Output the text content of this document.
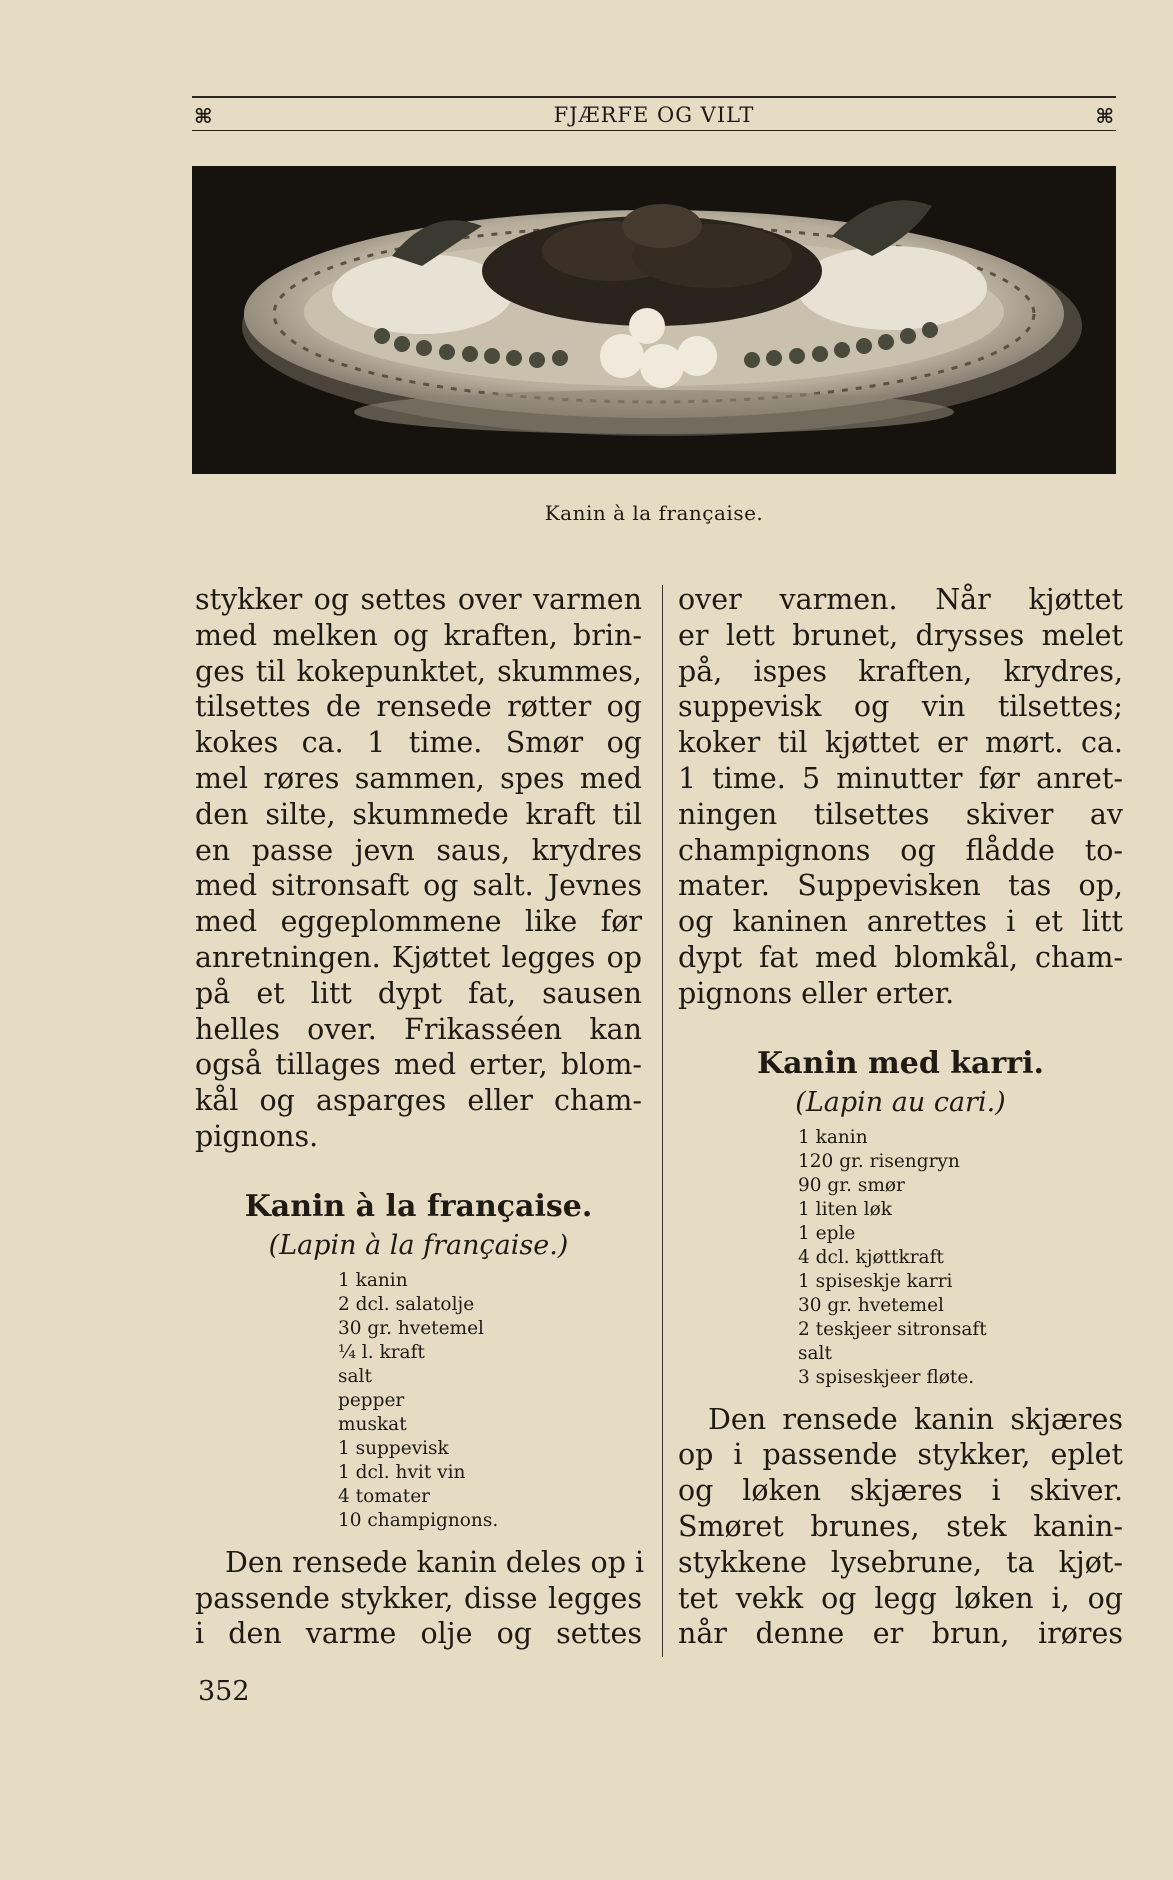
⌘	FJÆRFE OG VILT	⌘
Kanin à la française.
stykker og settes over varmen
med melken og kraften, brin-
ges til kokepunktet, skummes,
tilsettes de rensede røtter og
kokes ca. 1 time. Smør og
mel røres sammen, spes med
den silte, skummede kraft til
en passe jevn saus, krydres
med sitronsaft og salt. Jevnes
med eggeplommene like før
anretningen. Kjøttet legges op
på et litt dypt fat, sausen
helles over. Frikasséen kan
også tillages med erter, blom-
kål og asparges eller cham-
pignons.
Kanin à la française.
(Lapin à la française.)
1 kanin
2 dcl. salatolje
30 gr. hvetemel
¼ l. kraft
salt
pepper
muskat
1 suppevisk
1 dcl. hvit vin
4 tomater
10 champignons.
Den rensede kanin deles op i
passende stykker, disse legges
i den varme olje og settes
over varmen. Når kjøttet
er lett brunet, drysses melet
på, ispes kraften, krydres,
suppevisk og vin tilsettes;
koker til kjøttet er mørt. ca.
1 time. 5 minutter før anret-
ningen tilsettes skiver av
champignons og flådde to-
mater. Suppevisken tas op,
og kaninen anrettes i et litt
dypt fat med blomkål, cham-
pignons eller erter.
Kanin med karri.
(Lapin au cari.)
1 kanin
120 gr. risengryn
90 gr. smør
1 liten løk
1 eple
4 dcl. kjøttkraft
1 spiseskje karri
30 gr. hvetemel
2 teskjeer sitronsaft
salt
3 spiseskjeer fløte.
Den rensede kanin skjæres
op i passende stykker, eplet
og løken skjæres i skiver.
Smøret brunes, stek kanin-
stykkene lysebrune, ta kjøt-
tet vekk og legg løken i, og
når denne er brun, irøres
352
